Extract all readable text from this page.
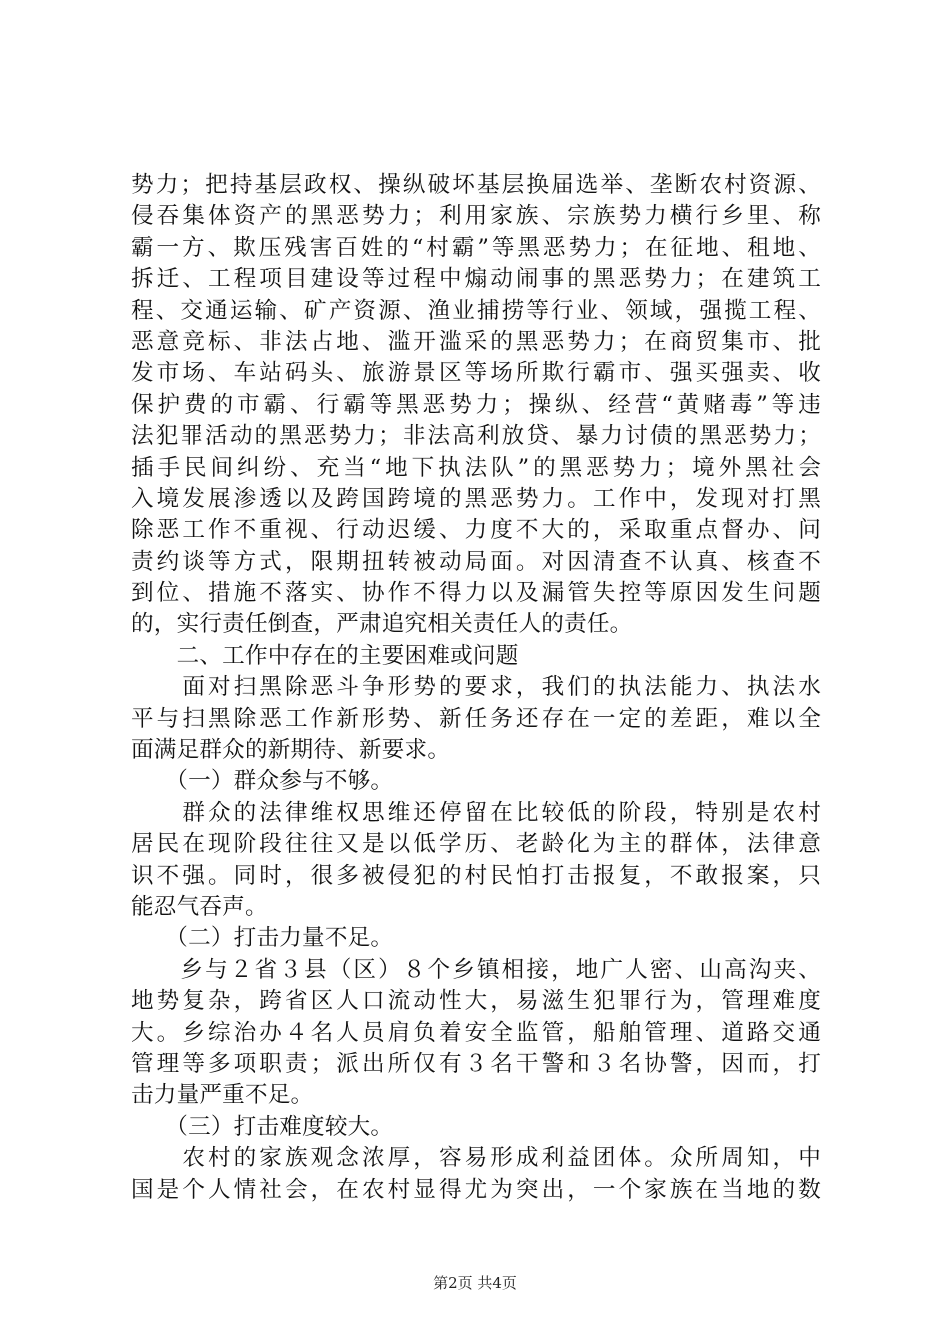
势力；把持基层政权、操纵破坏基层换届选举、垄断农村资源、
侵吞集体资产的黑恶势力；利用家族、宗族势力横行乡里、称
霸一方、欺压残害百姓的“村霸”等黑恶势力；在征地、租地、
拆迁、工程项目建设等过程中煽动闹事的黑恶势力；在建筑工
程、交通运输、矿产资源、渔业捕捞等行业、领域，强揽工程、
恶意竞标、非法占地、滥开滥采的黑恶势力；在商贸集市、批
发市场、车站码头、旅游景区等场所欺行霸市、强买强卖、收
保护费的市霸、行霸等黑恶势力；操纵、经营“黄赌毒”等违
法犯罪活动的黑恶势力；非法高利放贷、暴力讨债的黑恶势力；
插手民间纠纷、充当“地下执法队”的黑恶势力；境外黑社会
入境发展渗透以及跨国跨境的黑恶势力。工作中，发现对打黑
除恶工作不重视、行动迟缓、力度不大的，采取重点督办、问
责约谈等方式，限期扭转被动局面。对因清查不认真、核查不
到位、措施不落实、协作不得力以及漏管失控等原因发生问题
的，实行责任倒查，严肃追究相关责任人的责任。
　　二、工作中存在的主要困难或问题
　　面对扫黑除恶斗争形势的要求，我们的执法能力、执法水
平与扫黑除恶工作新形势、新任务还存在一定的差距，难以全
面满足群众的新期待、新要求。
　　（一）群众参与不够。
　　群众的法律维权思维还停留在比较低的阶段，特别是农村
居民在现阶段往往又是以低学历、老龄化为主的群体，法律意
识不强。同时，很多被侵犯的村民怕打击报复，不敢报案，只
能忍气吞声。
　　（二）打击力量不足。
　　乡与２省３县（区）８个乡镇相接，地广人密、山高沟夹、
地势复杂，跨省区人口流动性大，易滋生犯罪行为，管理难度
大。乡综治办４名人员肩负着安全监管，船舶管理、道路交通
管理等多项职责；派出所仅有３名干警和３名协警，因而，打
击力量严重不足。
　　（三）打击难度较大。
　　农村的家族观念浓厚，容易形成利益团体。众所周知，中
国是个人情社会，在农村显得尤为突出，一个家族在当地的数
第2页 共4页
